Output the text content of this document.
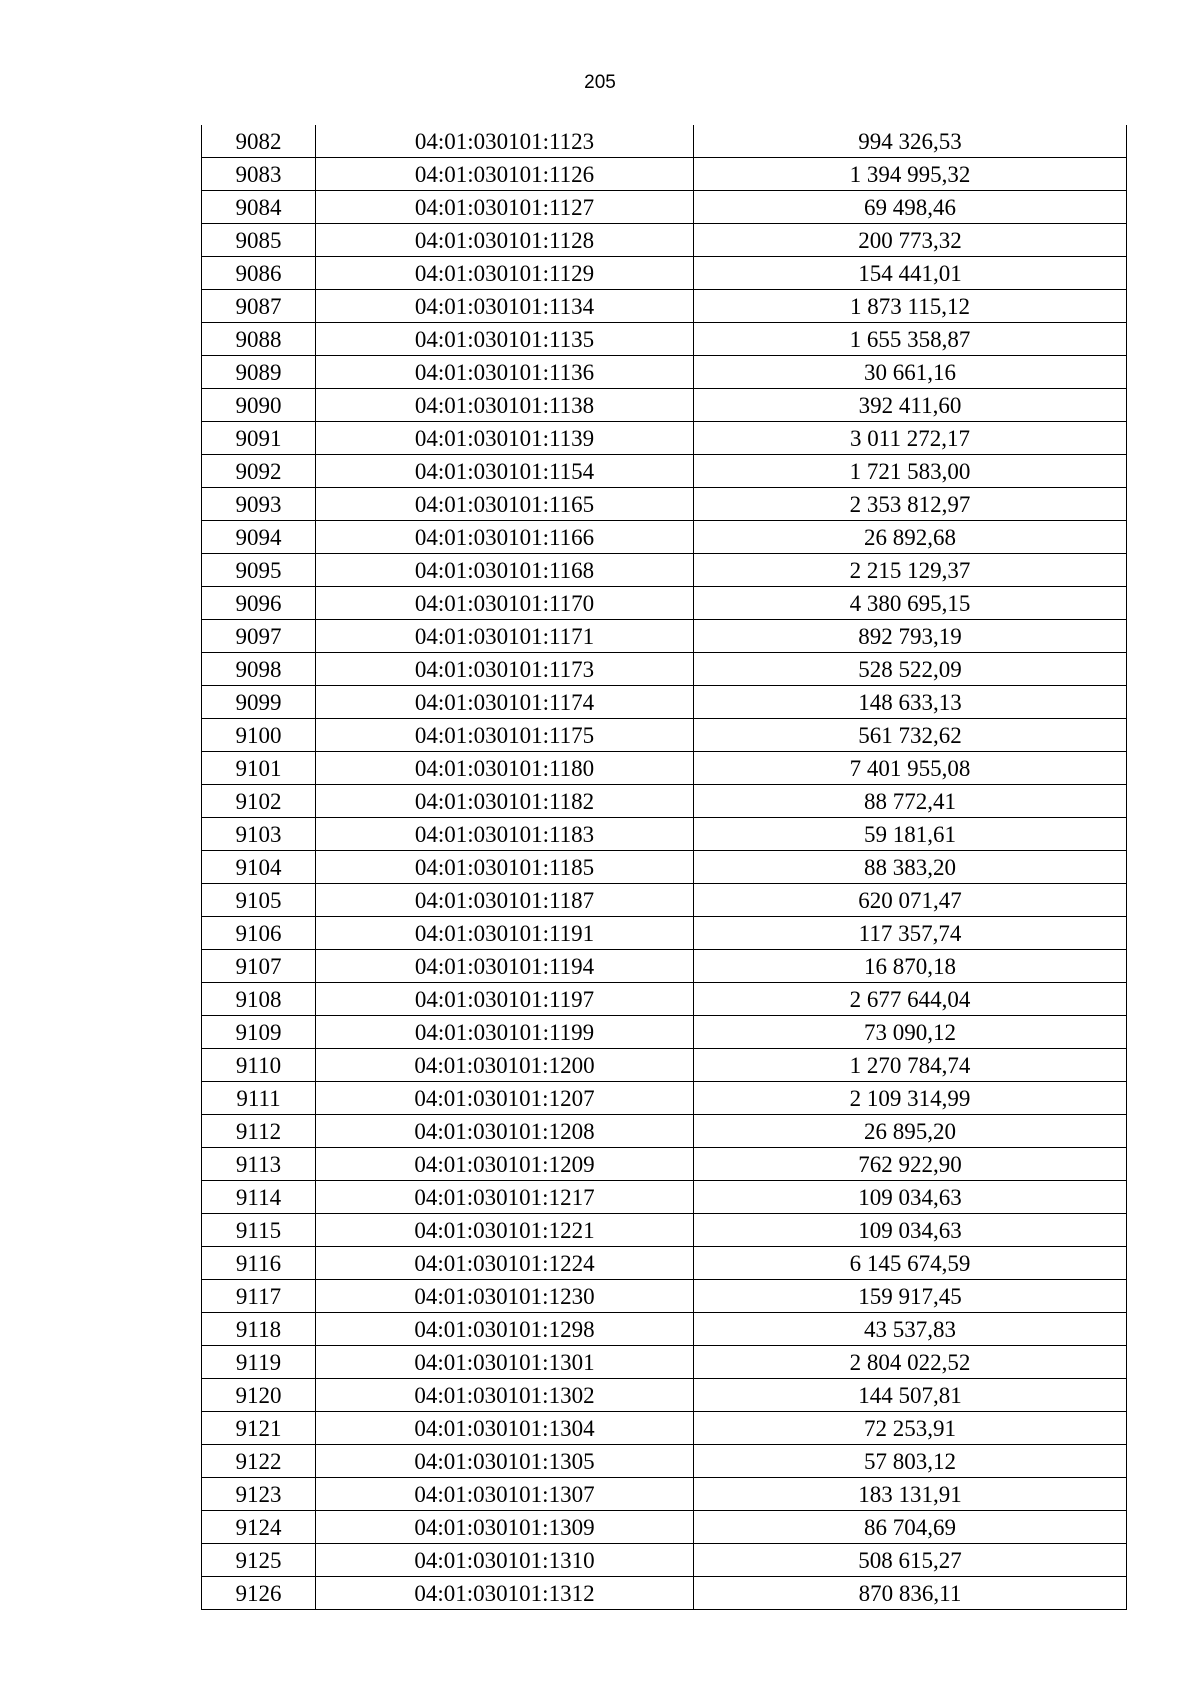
205
9082	04:01:030101:1123	994 326,53
9083	04:01:030101:1126	1 394 995,32
9084	04:01:030101:1127	69 498,46
9085	04:01:030101:1128	200 773,32
9086	04:01:030101:1129	154 441,01
9087	04:01:030101:1134	1 873 115,12
9088	04:01:030101:1135	1 655 358,87
9089	04:01:030101:1136	30 661,16
9090	04:01:030101:1138	392 411,60
9091	04:01:030101:1139	3 011 272,17
9092	04:01:030101:1154	1 721 583,00
9093	04:01:030101:1165	2 353 812,97
9094	04:01:030101:1166	26 892,68
9095	04:01:030101:1168	2 215 129,37
9096	04:01:030101:1170	4 380 695,15
9097	04:01:030101:1171	892 793,19
9098	04:01:030101:1173	528 522,09
9099	04:01:030101:1174	148 633,13
9100	04:01:030101:1175	561 732,62
9101	04:01:030101:1180	7 401 955,08
9102	04:01:030101:1182	88 772,41
9103	04:01:030101:1183	59 181,61
9104	04:01:030101:1185	88 383,20
9105	04:01:030101:1187	620 071,47
9106	04:01:030101:1191	117 357,74
9107	04:01:030101:1194	16 870,18
9108	04:01:030101:1197	2 677 644,04
9109	04:01:030101:1199	73 090,12
9110	04:01:030101:1200	1 270 784,74
9111	04:01:030101:1207	2 109 314,99
9112	04:01:030101:1208	26 895,20
9113	04:01:030101:1209	762 922,90
9114	04:01:030101:1217	109 034,63
9115	04:01:030101:1221	109 034,63
9116	04:01:030101:1224	6 145 674,59
9117	04:01:030101:1230	159 917,45
9118	04:01:030101:1298	43 537,83
9119	04:01:030101:1301	2 804 022,52
9120	04:01:030101:1302	144 507,81
9121	04:01:030101:1304	72 253,91
9122	04:01:030101:1305	57 803,12
9123	04:01:030101:1307	183 131,91
9124	04:01:030101:1309	86 704,69
9125	04:01:030101:1310	508 615,27
9126	04:01:030101:1312	870 836,11
